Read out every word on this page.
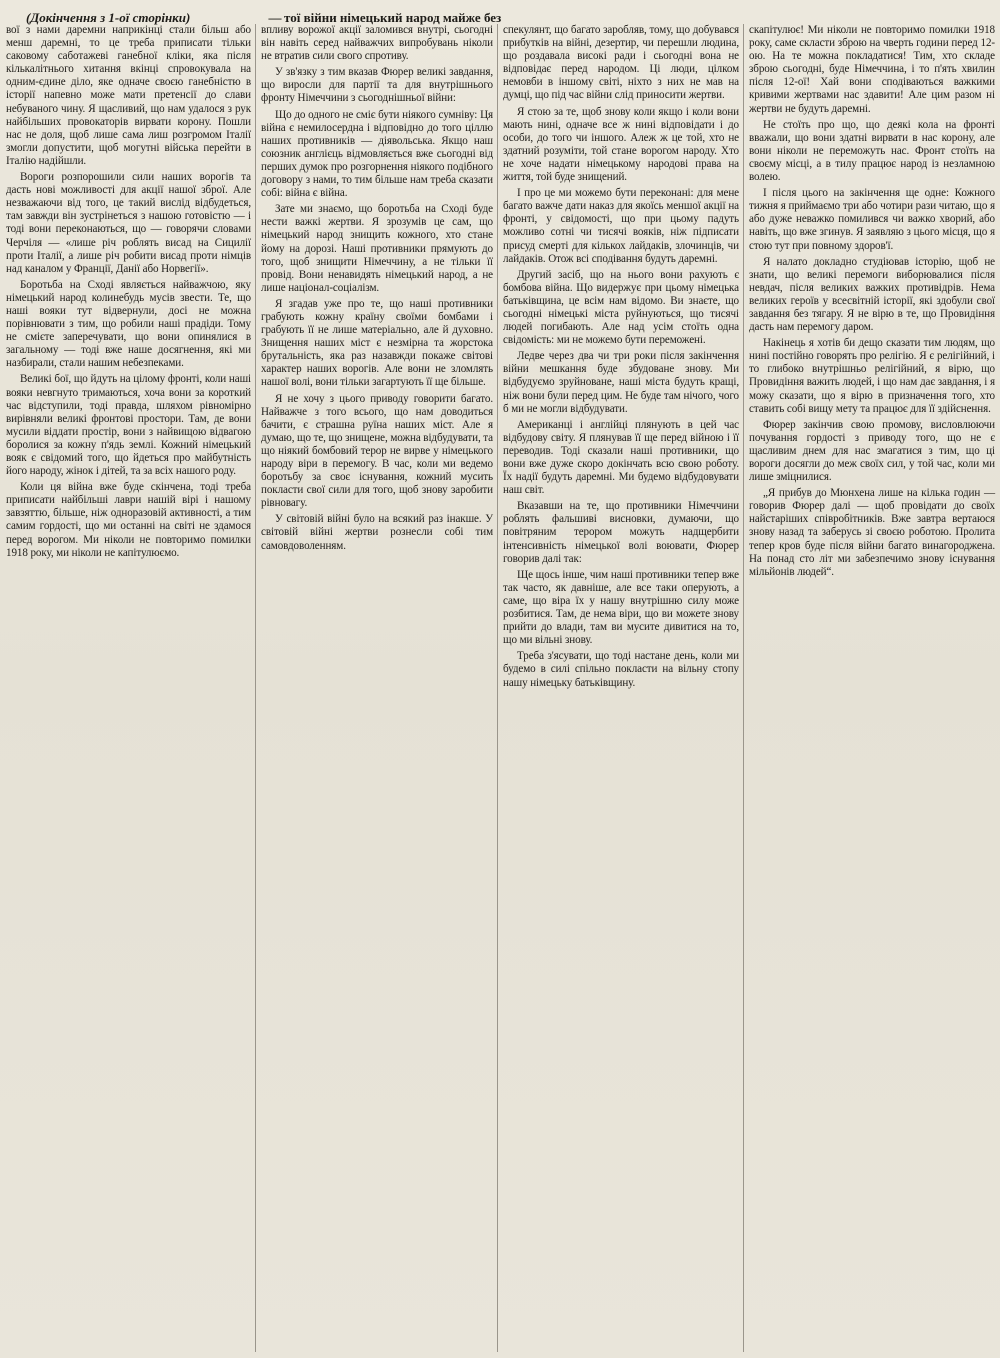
(Докінчення з 1-ої сторінки)	— тої війни німецький народ майже без

вої з нами даремни наприкінці стали більш або менш даремні, то це треба приписати тільки саковому саботажеві ганебної кліки, яка після кількалітнього хитання вкінці спровокувала на одним-єдине діло, яке одначе своєю ганебністю в історії напевно може мати претенсії до слави небуваного чину. Я щасливий, що нам удалося з рук найбільших провокаторів вирвати корону. Пошли нас не доля, щоб лише сама лиш розгромом Італії змогли допустити, щоб могутні війська перейти в Італію надійшли.

Вороги розпорошили сили наших ворогів та дасть нові можливості для акції нашої зброї. Але незважаючи від того, це такий вислід відбудеться, там завжди він зустрінеться з нашою готовістю — і тоді вони переконаються, що — говорячи словами Черчіля — «лише річ роблять висад на Сицилії проти Італії, а лише річ робити висад проти німців над каналом у Франції, Данії або Норвегії».

Боротьба на Сході являється найважчою, яку німецький народ колинебудь мусів звести. Те, що наші вояки тут відвернули, досі не можна порівнювати з тим, що робили наші прадіди. Тому не смієте заперечувати, що вони опинялися в загальному — тоді вже наше досягнення, які ми назбирали, стали нашим небезпеками.

Великі бої, що йдуть на цілому фронті, коли наші вояки невгнуто тримаються, хоча вони за короткий час відступили, тоді правда, шляхом рівномірно вирівняли великі фронтові простори. Там, де вони мусили віддати простір, вони з найвищою відвагою боролися за кожну п'ядь землі. Кожний німецький вояк є свідомий того, що йдеться про майбутність його народу, жінок і дітей, та за всіх нашого роду.

Коли ця війна вже буде скінчена, тоді треба приписати найбільші лаври нашій вірі і нашому завзяттю, більше, ніж одноразовій активності, а тим самим гордості, що ми останні на світі не здамося перед ворогом. Ми ніколи не повторимо помилки 1918 року, ми ніколи не капітулюємо.

впливу ворожої акції заломився внутрі, сьогодні він навіть серед найважчих випробувань ніколи не втратив сили свого спротиву.

У зв'язку з тим вказав Фюрер великі завдання, що виросли для партії та для внутрішнього фронту Німеччини з сьогоднішньої війни:

Що до одного не сміє бути ніякого сумніву: Ця війна є немилосердна і відповідно до того ціллю наших противників — діявольська. Якщо наш союзник англієць відмовляється вже сьогодні від перших думок про розгорнення ніякого подібного договору з нами, то тим більше нам треба сказати собі: війна є війна.

Зате ми знаємо, що боротьба на Сході буде нести важкі жертви. Я зрозумів це сам, що німецький народ знищить кожного, хто стане йому на дорозі. Наші противники прямують до того, щоб знищити Німеччину, а не тільки її провід. Вони ненавидять німецький народ, а не лише націонал-соціалізм.

Я згадав уже про те, що наші противники грабують кожну країну своїми бомбами і грабують її не лише матеріально, але й духовно. Знищення наших міст є незмірна та жорстока брутальність, яка раз назавжди покаже світові характер наших ворогів. Але вони не зломлять нашої волі, вони тільки загартують її ще більше.

Я не хочу з цього приводу говорити багато. Найважче з того всього, що нам доводиться бачити, є страшна руїна наших міст. Але я думаю, що те, що знищене, можна відбудувати, та що ніякий бомбовий терор не вирве у німецького народу віри в перемогу. В час, коли ми ведемо боротьбу за своє існування, кожний мусить покласти свої сили для того, щоб знову заробити рівновагу.

У світовій війні було на всякий раз інакше. У світовій війні жертви рознесли собі тим самовдоволенням.

спекулянт, що багато заробляв, тому, що добувався прибутків на війні, дезертир, чи перешли людина, що роздавала високі ради і сьогодні вона не відповідає перед народом. Ці люди, цілком немовби в іншому світі, ніхто з них не мав на думці, що під час війни слід приносити жертви.

Я стою за те, щоб знову коли якщо і коли вони мають нині, одначе все ж нині відповідати і до особи, до того чи іншого. Алеж ж це той, хто не здатний розуміти, той стане ворогом народу. Хто не хоче надати німецькому народові права на життя, той буде знищений.

І про це ми можемо бути переконані: для мене багато важче дати наказ для якоїсь меншої акції на фронті, у свідомості, що при цьому падуть можливо сотні чи тисячі вояків, ніж підписати присуд смерті для кількох лайдаків, злочинців, чи лайдаків. Отож всі сподівання будуть даремні.

Другий засіб, що на нього вони рахують є бомбова війна. Що видержує при цьому німецька батьківщина, це всім нам відомо. Ви знаєте, що сьогодні німецькі міста руйнуються, що тисячі людей погибають. Але над усім стоїть одна свідомість: ми не можемо бути переможені.

Ледве через два чи три роки після закінчення війни мешкання буде збудоване знову. Ми відбудуємо зруйноване, наші міста будуть кращі, ніж вони були перед цим. Не буде там нічого, чого б ми не могли відбудувати.

Американці і англійці плянують в цей час відбудову світу. Я плянував її ще перед війною і її переводив. Тоді сказали наші противники, що вони вже дуже скоро докінчать всю свою роботу. Їх надії будуть даремні. Ми будемо відбудовувати наш світ.

Вказавши на те, що противники Німеччини роблять фальшиві висновки, думаючи, що повітряним терором можуть надщербити інтенсивність німецької волі воювати, Фюрер говорив далі так:

Ще щось інше, чим наші противники тепер вже так часто, як давніше, але все таки оперують, а саме, що віра їх у нашу внутрішню силу може розбитися. Там, де нема віри, що ви можете знову прийти до влади, там ви мусите дивитися на то, що ми вільні знову.

Треба з'ясувати, що тоді настане день, коли ми будемо в силі спільно покласти на вільну стопу нашу німецьку батьківщину.

скапітулює! Ми ніколи не повторимо помилки 1918 року, саме скласти зброю на чверть години перед 12-ою. На те можна покладатися! Тим, хто складе зброю сьогодні, буде Німеччина, і то п'ять хвилин після 12-ої! Хай вони сподіваються важкими кривими жертвами нас здавити! Але цим разом ні жертви не будуть даремні.

Не стоїть про що, що деякі кола на фронті вважали, що вони здатні вирвати в нас корону, але вони ніколи не переможуть нас. Фронт стоїть на своєму місці, а в тилу працює народ із незламною волею.

І після цього на закінчення ще одне: Кожного тижня я приймаємо три або чотири рази читаю, що я або дуже неважко помилився чи важко хворий, або навіть, що вже згинув. Я заявляю з цього місця, що я стою тут при повному здоров'ї.

Я налато докладно студіював історію, щоб не знати, що великі перемоги виборювалися після невдач, після великих важких противідрів. Нема великих героїв у всесвітній історії, які здобули свої завдання без тягару. Я не вірю в те, що Провидіння дасть нам перемогу даром.

Накінець я хотів би дещо сказати тим людям, що нині постійно говорять про релігію. Я є релігійний, і то глибоко внутрішньо релігійний, я вірю, що Провидіння важить людей, і що нам дає завдання, і я можу сказати, що я вірю в призначення того, хто ставить собі вищу мету та працює для її здійснення.

Фюрер закінчив свою промову, висловлюючи почування гордості з приводу того, що не є щасливим днем для нас змагатися з тим, що ці вороги досягли до меж своїх сил, у той час, коли ми лише зміцнилися.

„Я прибув до Мюнхена лише на кілька годин — говорив Фюрер далі — щоб провідати до своїх найстаріших співробітників. Вже завтра вертаюся знову назад та заберусь зі своєю роботою. Пролита тепер кров буде після війни багато винагороджена. На понад сто літ ми забезпечимо знову існування мільйонів людей“.
